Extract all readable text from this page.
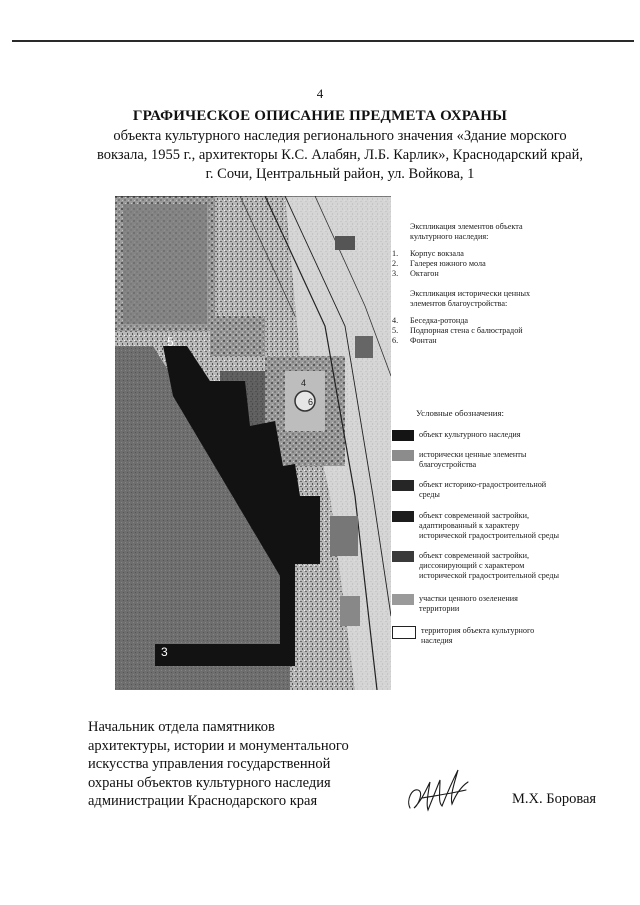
4
ГРАФИЧЕСКОЕ ОПИСАНИЕ ПРЕДМЕТА ОХРАНЫ
объекта культурного наследия регионального значения «Здание морского
вокзала, 1955 г., архитекторы К.С. Алабян, Л.Б. Карлик», Краснодарский край,
г. Сочи, Центральный район, ул. Войкова, 1
5
4
6
3
Экспликация элементов объекта
культурного наследия:
1.	Корпус вокзала
2.	Галерея южного мола
3.	Октагон
Экспликация исторически ценных
элементов благоустройства:
4.	Беседка-ротонда
5.	Подпорная стена с балюстрадой
6.	Фонтан
Условные обозначения:
объект культурного наследия
исторически ценные элементы
благоустройства
объект историко-градостроительной
среды
объект современной застройки,
адаптированный к характеру
исторической градостроительной среды
объект современной застройки,
диссонирующий с характером
исторической градостроительной среды
участки ценного озеленения
территории
территория объекта культурного
наследия
Начальник отдела памятников
архитектуры, истории и монументального
искусства управления государственной
охраны объектов культурного наследия
администрации Краснодарского края	М.Х. Боровая
